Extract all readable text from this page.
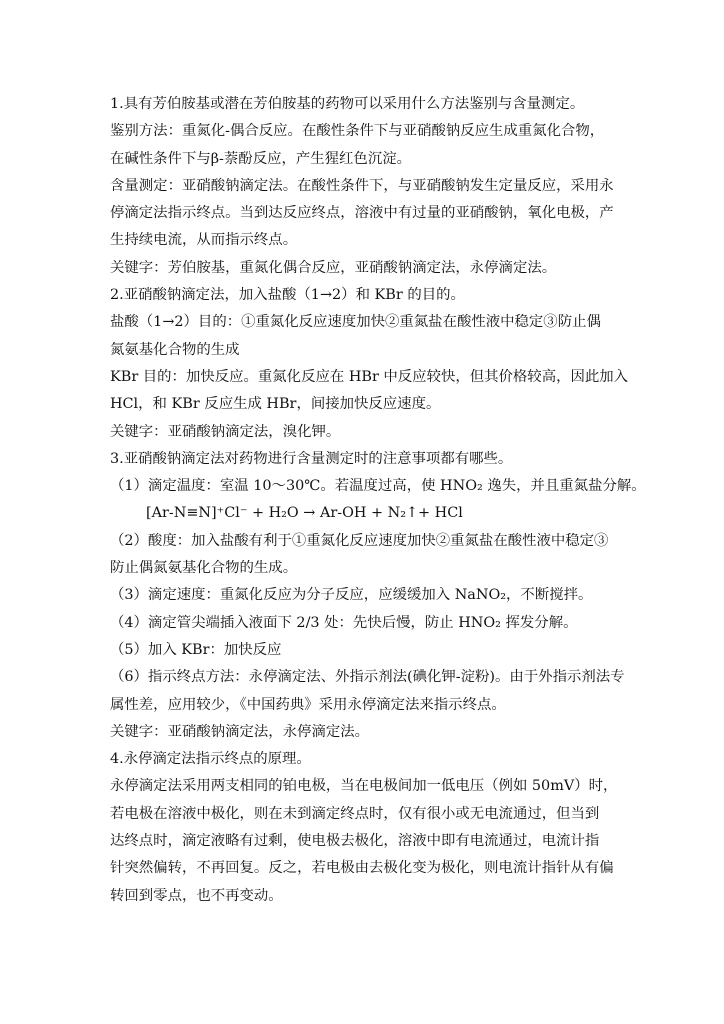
1.具有芳伯胺基或潜在芳伯胺基的药物可以采用什么方法鉴别与含量测定。
鉴别方法：重氮化-偶合反应。在酸性条件下与亚硝酸钠反应生成重氮化合物，
在碱性条件下与β-萘酚反应，产生猩红色沉淀。
含量测定：亚硝酸钠滴定法。在酸性条件下，与亚硝酸钠发生定量反应，采用永
停滴定法指示终点。当到达反应终点，溶液中有过量的亚硝酸钠，氧化电极，产
生持续电流，从而指示终点。
关键字：芳伯胺基，重氮化偶合反应，亚硝酸钠滴定法，永停滴定法。
2.亚硝酸钠滴定法，加入盐酸（1→2）和 KBr 的目的。
盐酸（1→2）目的：①重氮化反应速度加快②重氮盐在酸性液中稳定③防止偶
氮氨基化合物的生成
KBr 目的：加快反应。重氮化反应在 HBr 中反应较快，但其价格较高，因此加入
HCl，和 KBr 反应生成 HBr，间接加快反应速度。
关键字：亚硝酸钠滴定法，溴化钾。
3.亚硝酸钠滴定法对药物进行含量测定时的注意事项都有哪些。
（1）滴定温度：室温 10～30℃。若温度过高，使 HNO₂ 逸失，并且重氮盐分解。
[Ar-N≡N]⁺Cl⁻ + H₂O → Ar-OH + N₂↑+ HCl
（2）酸度：加入盐酸有利于①重氮化反应速度加快②重氮盐在酸性液中稳定③
防止偶氮氨基化合物的生成。
（3）滴定速度：重氮化反应为分子反应，应缓缓加入 NaNO₂，不断搅拌。
（4）滴定管尖端插入液面下 2/3 处：先快后慢，防止 HNO₂ 挥发分解。
（5）加入 KBr：加快反应
（6）指示终点方法：永停滴定法、外指示剂法(碘化钾-淀粉)。由于外指示剂法专
属性差，应用较少，《中国药典》采用永停滴定法来指示终点。
关键字：亚硝酸钠滴定法，永停滴定法。
4.永停滴定法指示终点的原理。
永停滴定法采用两支相同的铂电极，当在电极间加一低电压（例如 50mV）时，
若电极在溶液中极化，则在未到滴定终点时，仅有很小或无电流通过，但当到
达终点时，滴定液略有过剩，使电极去极化，溶液中即有电流通过，电流计指
针突然偏转，不再回复。反之，若电极由去极化变为极化，则电流计指针从有偏
转回到零点，也不再变动。
